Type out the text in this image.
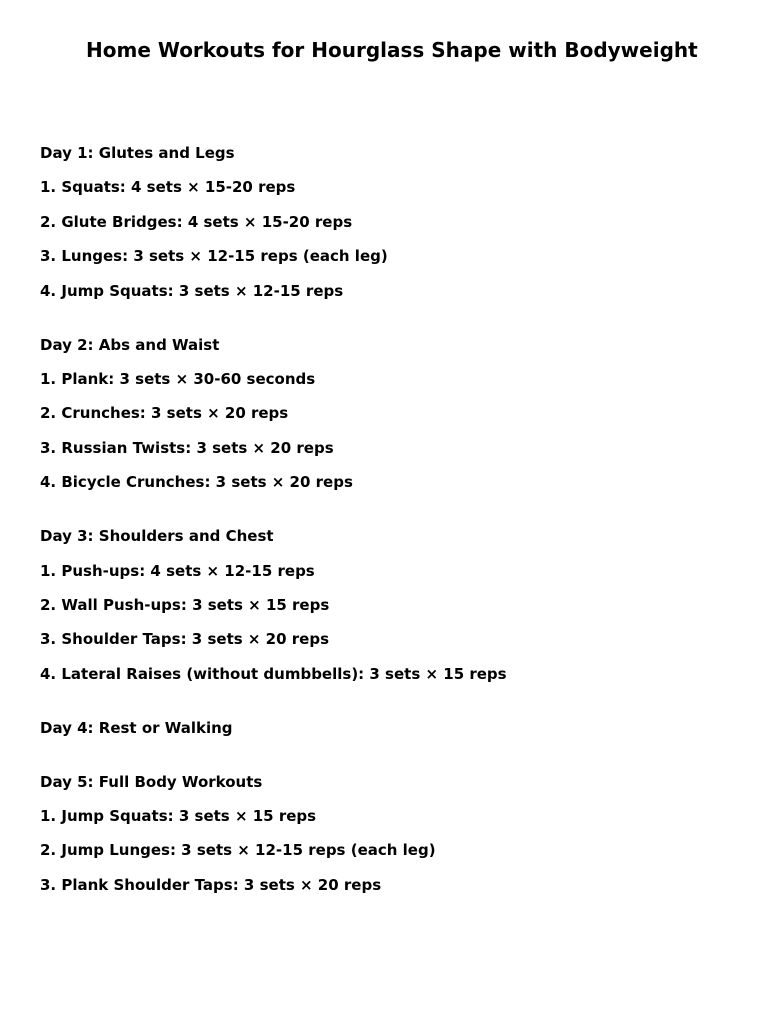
Home Workouts for Hourglass Shape with Bodyweight
Day 1: Glutes and Legs
1. Squats: 4 sets × 15-20 reps
2. Glute Bridges: 4 sets × 15-20 reps
3. Lunges: 3 sets × 12-15 reps (each leg)
4. Jump Squats: 3 sets × 12-15 reps
Day 2: Abs and Waist
1. Plank: 3 sets × 30-60 seconds
2. Crunches: 3 sets × 20 reps
3. Russian Twists: 3 sets × 20 reps
4. Bicycle Crunches: 3 sets × 20 reps
Day 3: Shoulders and Chest
1. Push-ups: 4 sets × 12-15 reps
2. Wall Push-ups: 3 sets × 15 reps
3. Shoulder Taps: 3 sets × 20 reps
4. Lateral Raises (without dumbbells): 3 sets × 15 reps
Day 4: Rest or Walking
Day 5: Full Body Workouts
1. Jump Squats: 3 sets × 15 reps
2. Jump Lunges: 3 sets × 12-15 reps (each leg)
3. Plank Shoulder Taps: 3 sets × 20 reps
